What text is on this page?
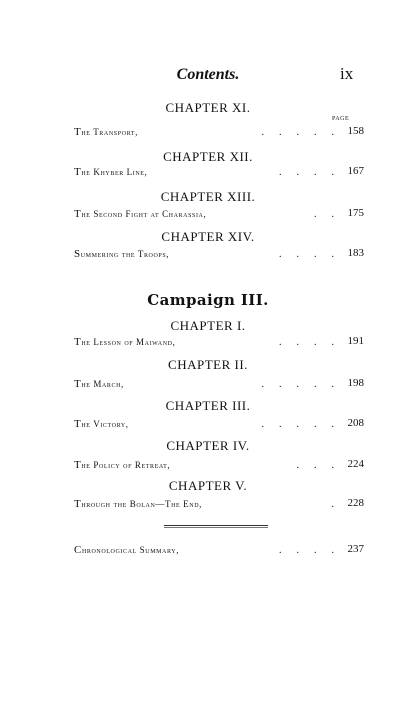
Contents.	ix
CHAPTER XI.
PAGE
The Transport,	.      .      .      .      . 158
CHAPTER XII.
The Khyber Line,	.      .      .      . 167
CHAPTER XIII.
The Second Fight at Charassia,	.      . 175
CHAPTER XIV.
Summering the Troops,	.      .      .      . 183
Campaign III.
CHAPTER I.
The Lesson of Maiwand,	.      .      .      . 191
CHAPTER II.
The March,	.      .      .      .      . 198
CHAPTER III.
The Victory,	.      .      .      .      . 208
CHAPTER IV.
The Policy of Retreat,	.      .      . 224
CHAPTER V.
Through the Bolan—The End,	. 228
Chronological Summary,	.      .      .      . 237
